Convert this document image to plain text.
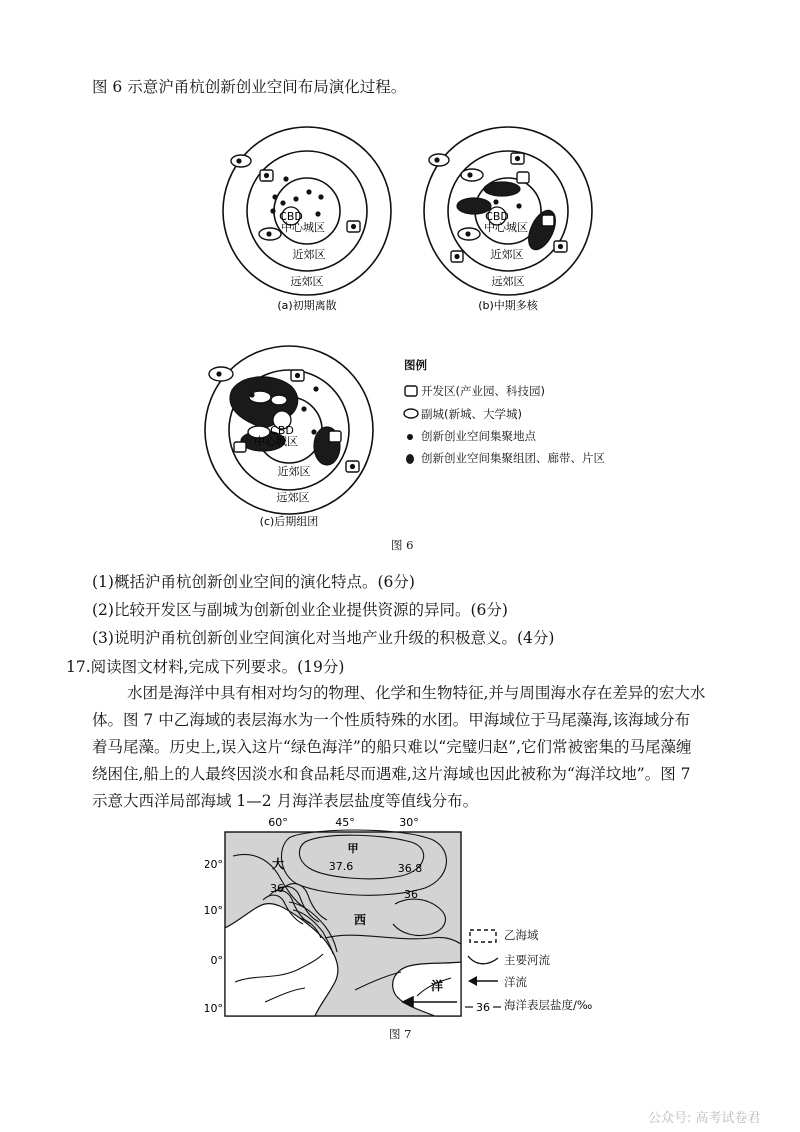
图 6 示意沪甬杭创新创业空间布局演化过程。
CBD
中心城区
近郊区
远郊区
(a)初期离散
CBD
中心城区
近郊区
远郊区
(b)中期多核
CBD
中心城区
近郊区
远郊区
(c)后期组团
图例
开发区(产业园、科技园)
副城(新城、大学城)
创新创业空间集聚地点
创新创业空间集聚组团、廊带、片区
图 6
(1)概括沪甬杭创新创业空间的演化特点。(6分)
(2)比较开发区与副城为创新创业企业提供资源的异同。(6分)
(3)说明沪甬杭创新创业空间演化对当地产业升级的积极意义。(4分)
17.阅读图文材料,完成下列要求。(19分)
水团是海洋中具有相对均匀的物理、化学和生物特征,并与周围海水存在差异的宏大水
体。图 7 中乙海域的表层海水为一个性质特殊的水团。甲海域位于马尾藻海,该海域分布
着马尾藻。历史上,误入这片“绿色海洋”的船只难以“完璧归赵”,它们常被密集的马尾藻缠
绕困住,船上的人最终因淡水和食品耗尽而遇难,这片海域也因此被称为“海洋坟地”。图 7
示意大西洋局部海域 1—2 月海洋表层盐度等值线分布。
60°	45°	30°
20°
10°
0°
10°
37.6	36.8
36	36
甲
大
西
洋
乙海域
主要河流
洋流
36 海洋表层盐度/‰
图 7
公众号: 高考试卷君
